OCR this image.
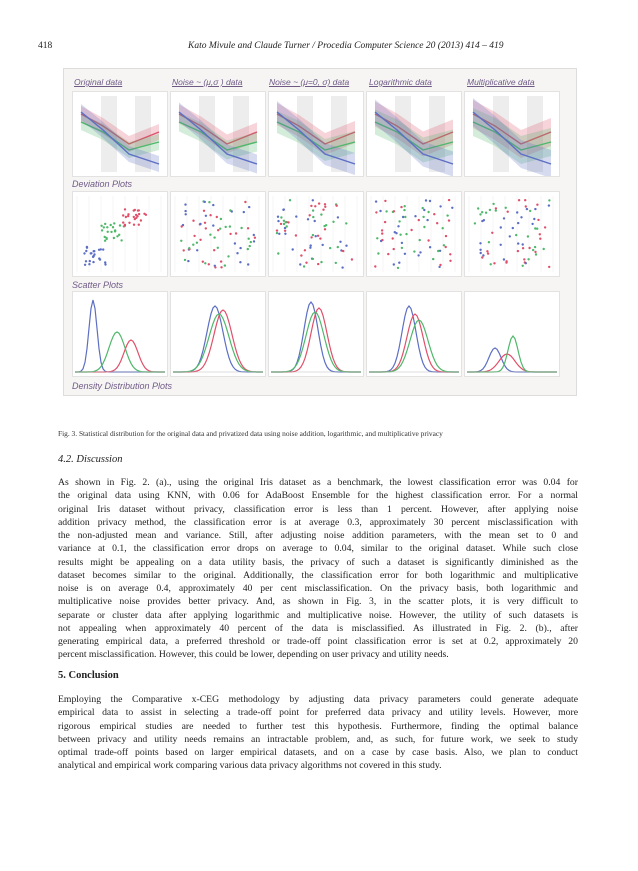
418	Kato Mivule and Claude Turner / Procedia Computer Science 20 (2013) 414 – 419
Original data	Noise ~ (μ,σ ) data	Noise ~ (μ=0, σ) data Logarithmic data	Multiplicative data
Deviation Plots
Scatter Plots
Density Distribution Plots
Fig. 3. Statistical distribution for the original data and privatized data using noise addition, logarithmic, and multiplicative privacy
4.2. Discussion
As shown in Fig. 2. (a)., using the original Iris dataset as a benchmark, the lowest classification error was 0.04 for
the original data using KNN, with 0.06 for AdaBoost Ensemble for the highest classification error. For a normal
original Iris dataset without privacy, classification error is less than 1 percent. However, after applying noise
addition privacy method, the classification error is at average 0.3, approximately 30 percent misclassification with
the non-adjusted mean and variance. Still, after adjusting noise addition parameters, with the mean set to 0 and
variance at 0.1, the classification error drops on average to 0.04, similar to the original dataset. While such close
results might be appealing on a data utility basis, the privacy of such a dataset is significantly diminished as the
dataset becomes similar to the original. Additionally, the classification error for both logarithmic and multiplicative
noise is on average 0.4, approximately 40 per cent misclassification. On the privacy basis, both logarithmic and
multiplicative noise provides better privacy. And, as shown in Fig. 3, in the scatter plots, it is very difficult to
separate or cluster data after applying logarithmic and multiplicative noise. However, the utility of such datasets is
not appealing when approximately 40 percent of the data is misclassified. As illustrated in Fig. 2. (b)., after
generating empirical data, a preferred threshold or trade-off point classification error is set at 0.2, approximately 20
percent misclassification. However, this could be lower, depending on user privacy and utility needs.
5. Conclusion
Employing the Comparative x-CEG methodology by adjusting data privacy parameters could generate adequate
empirical data to assist in selecting a trade-off point for preferred data privacy and utility levels. However, more
rigorous empirical studies are needed to further test this hypothesis. Furthermore, finding the optimal balance
between privacy and utility needs remains an intractable problem, and, as such, for future work, we seek to study
optimal trade-off points based on larger empirical datasets, and on a case by case basis. Also, we plan to conduct
analytical and empirical work comparing various data privacy algorithms not covered in this study.
